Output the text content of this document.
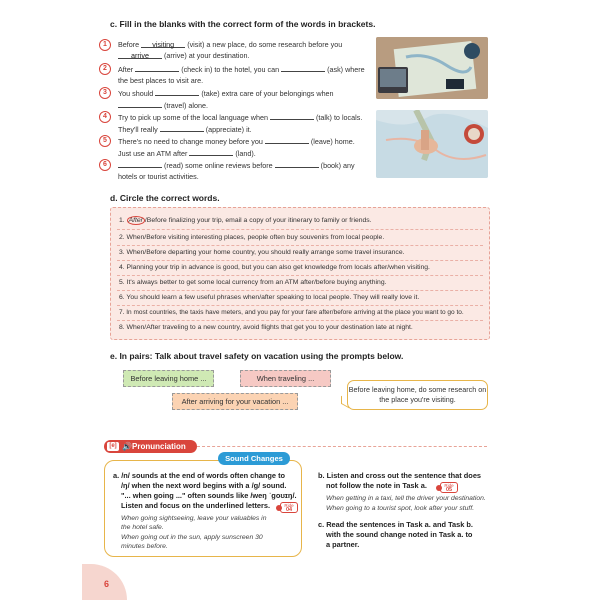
c. Fill in the blanks with the correct form of the words in brackets.
1	Before visiting (visit) a new place, do some research before you arrive (arrive) at your destination.
2	After	(check in) to the hotel, you can	(ask) where the best places to visit are.
3	You should	(take) extra care of your belongings when  (travel) alone.
4	Try to pick up some of the local language when	(talk) to locals. They'll really	(appreciate) it.
5	There's no need to change money before you	(leave) home. Just use an ATM after	(land).
6	(read) some online reviews before	(book) any hotels or tourist activities.
d. Circle the correct words.
1. After /Before finalizing your trip, email a copy of your itinerary to family or friends.
2. When/Before visiting interesting places, people often buy souvenirs from local people.
3. When/Before departing your home country, you should really arrange some travel insurance.
4. Planning your trip in advance is good, but you can also get knowledge from locals after/when visiting.
5. It's always better to get some local currency from an ATM after/before buying anything.
6. You should learn a few useful phrases when/after speaking to local people. They will really love it.
7. In most countries, the taxis have meters, and you pay for your fare after/before arriving at the place you want to go to.
8. When/After traveling to a new country, avoid flights that get you to your destination late at night.
e. In pairs: Talk about travel safety on vacation using the prompts below.
Before leaving home ...	When traveling ...
After arriving for your vacation ...
Before leaving home, do some research on the place you're visiting.
[e] 🔊 Pronunciation
Sound Changes
a. /n/ sounds at the end of words often change to
/ŋ/ when the next word begins with a /g/ sound.
"... when going ..." often sounds like /weŋ ˈgoʊɪŋ/.
Listen and focus on the underlined letters.	Ride
04
When going sightseeing, leave your valuables in
the hotel safe.
When going out in the sun, apply sunscreen 30
minutes before.
b. Listen and cross out the sentence that does
not follow the note in Task a.	Ride
05
When getting in a taxi, tell the driver your destination.
When going to a tourist spot, look after your stuff.
c. Read the sentences in Task a. and Task b.
with the sound change noted in Task a. to
a partner.
6
